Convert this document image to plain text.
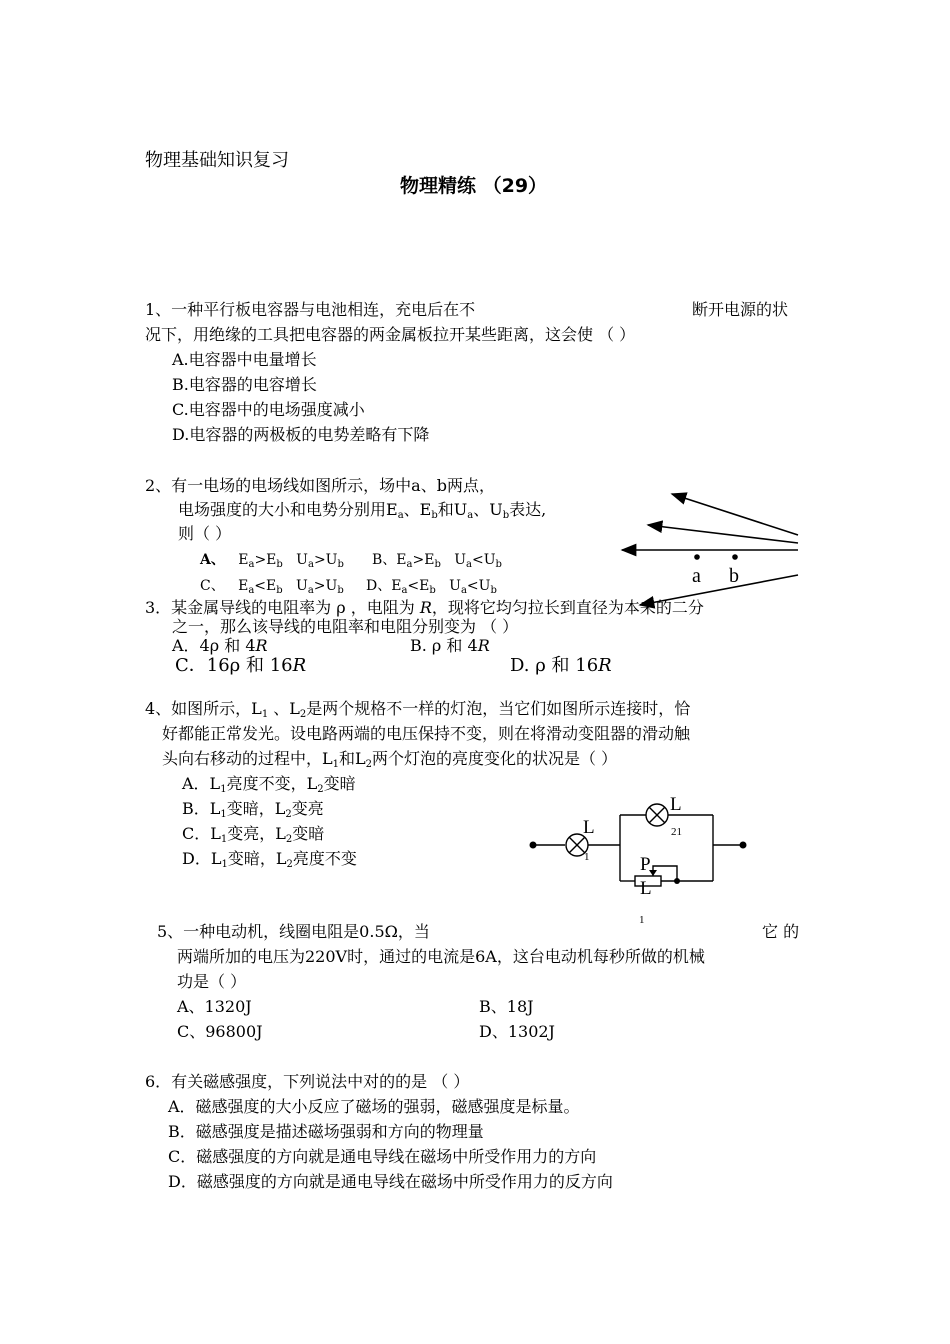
物理基础知识复习
物理精练 （29）
1、一种平行板电容器与电池相连，充电后在不	断开电源的状
况下，用绝缘的工具把电容器的两金属板拉开某些距离，这会使 （ ）
A.电容器中电量增长
B.电容器的电容增长
C.电容器中的电场强度减小
D.电容器的两极板的电势差略有下降
2、有一电场的电场线如图所示，场中a、b两点，
电场强度的大小和电势分别用$E_a$、$E_b$和$U_a$、$U_b$表达,
则（ ）
A、 $E_a>E_b$ $U_a>U_b$ B、$E_a>E_b$ $U_a<U_b$
C、 $E_a<E_b$ $U_a>U_b$ D、$E_a<E_b$ $U_a<U_b$
a b
3．某金属导线的电阻率为 ρ ，电阻为 R，现将它均匀拉长到直径为本来的二分
之一，那么该导线的电阻率和电阻分别变为 （ ）
A．4ρ 和 4R	B. ρ 和 4R
C．16ρ 和 16R	D. ρ 和 16R
4、如图所示，$L_1$ 、$L_2$是两个规格不一样的灯泡，当它们如图所示连接时，恰
好都能正常发光。设电路两端的电压保持不变，则在将滑动变阻器的滑动触
头向右移动的过程中，$L_1$和$L_2$两个灯泡的亮度变化的状况是（ ）
A．$L_1$亮度不变，$L_2$变暗
B．$L_1$变暗，$L_2$变亮
C．$L_1$变亮，$L_2$变暗
D．$L_1$变暗，$L_2$亮度不变
L
21
L
1	P
L
1
5、一种电动机，线圈电阻是0.5Ω，当	它 的
两端所加的电压为220V时，通过的电流是6A，这台电动机每秒所做的机械
功是（ ）
A、1320J	B、18J
C、96800J	D、1302J
6．有关磁感强度，下列说法中对的的是 （ ）
A．磁感强度的大小反应了磁场的强弱，磁感强度是标量。
B．磁感强度是描述磁场强弱和方向的物理量
C．磁感强度的方向就是通电导线在磁场中所受作用力的方向
D．磁感强度的方向就是通电导线在磁场中所受作用力的反方向
